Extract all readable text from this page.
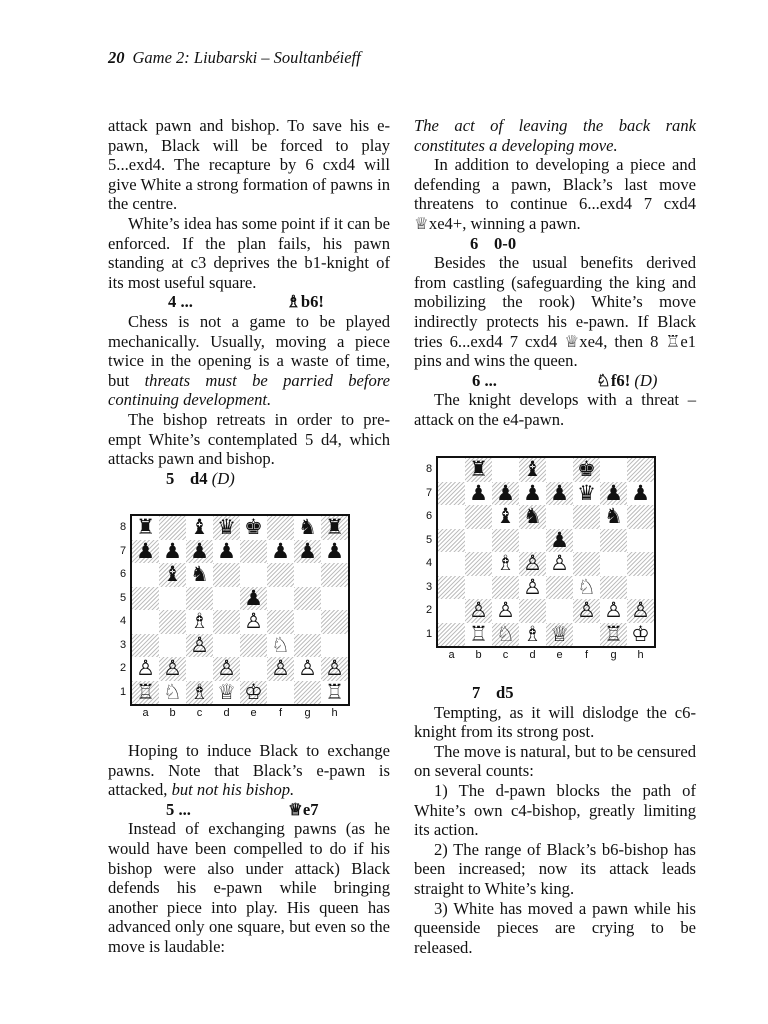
20 Game 2: Liubarski – Soultanbéieff

attack pawn and bishop. To save his e-pawn, Black will be forced to play 5...exd4. The recapture by 6 cxd4 will give White a strong formation of pawns in the centre.

White’s idea has some point if it can be enforced. If the plan fails, his pawn standing at c3 deprives the b1-knight of its most useful square.

4 ...	♗b6!

Chess is not a game to be played mechanically. Usually, moving a piece twice in the opening is a waste of time, but threats must be parried before continuing development.

The bishop retreats in order to pre-empt White’s contemplated 5 d4, which attacks pawn and bishop.

5 d4 (D)
8 ♜ ♝ ♛ ♚ ♞ ♜
7 ♟ ♟ ♟ ♟ ♟ ♟ ♟
6 ♝ ♞
5	♟
4	♗ ♙
3	♙	♘
2 ♙ ♙ ♙ ♙ ♙ ♙
1 ♖ ♘ ♗ ♕ ♔	♖
a	b	c	d	e	f	g	h

Hoping to induce Black to exchange pawns. Note that Black’s e-pawn is attacked, but not his bishop.

5 ...	♕e7

Instead of exchanging pawns (as he would have been compelled to do if his bishop were also under attack) Black defends his e-pawn while bringing another piece into play. His queen has advanced only one square, but even so the move is laudable:

The act of leaving the back rank constitutes a developing move.

In addition to developing a piece and defending a pawn, Black’s last move threatens to continue 6...exd4 7 cxd4 ♕xe4+, winning a pawn.

6 0-0

Besides the usual benefits derived from castling (safeguarding the king and mobilizing the rook) White’s move indirectly protects his e-pawn. If Black tries 6...exd4 7 cxd4 ♕xe4, then 8 ♖e1 pins and wins the queen.

6 ...	♘f6! (D)

The knight develops with a threat – attack on the e4-pawn.

8 ♜ ♝ ♚
7 ♟ ♟ ♟ ♟ ♛ ♟ ♟
6	♝ ♞	♞
5	♟
4	♗ ♙ ♙
3	♙ ♘
2 ♙ ♙	♙ ♙ ♙
1 ♖ ♘ ♗ ♕ ♖ ♔
a	b	c	d	e	f	g	h
7 d5

Tempting, as it will dislodge the c6-knight from its strong post.

The move is natural, but to be censured on several counts:

1) The d-pawn blocks the path of White’s own c4-bishop, greatly limiting its action.

2) The range of Black’s b6-bishop has been increased; now its attack leads straight to White’s king.

3) White has moved a pawn while his queenside pieces are crying to be released.
